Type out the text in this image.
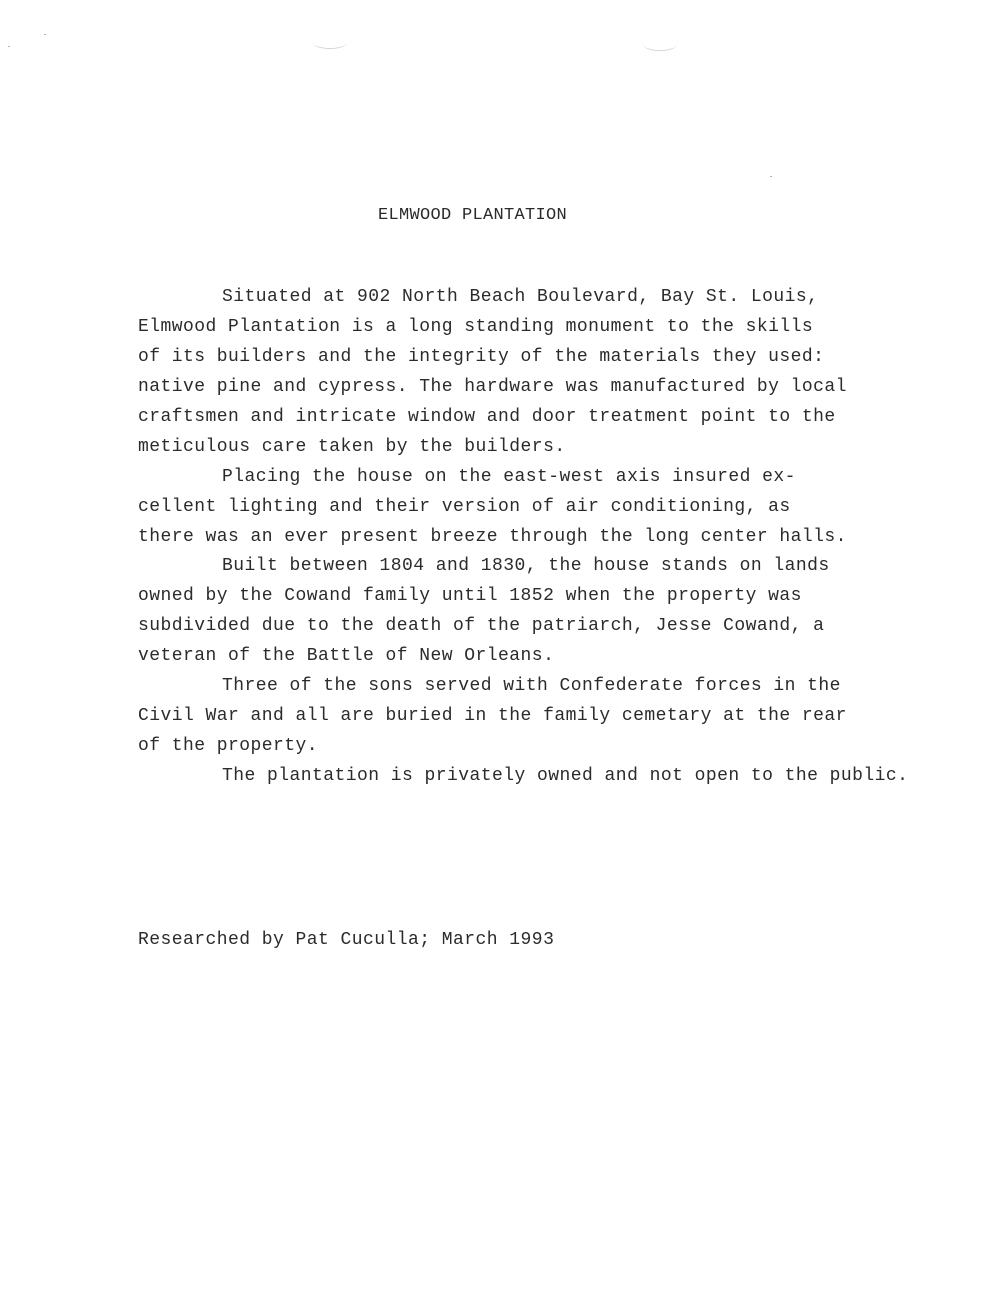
ELMWOOD PLANTATION
Situated at 902 North Beach Boulevard, Bay St. Louis,
Elmwood Plantation is a long standing monument to the skills
of its builders and the integrity of the materials they used:
native pine and cypress. The hardware was manufactured by local
craftsmen and intricate window and door treatment point to the
meticulous care taken by the builders.
Placing the house on the east-west axis insured ex-
cellent lighting and their version of air conditioning, as
there was an ever present breeze through the long center halls.
Built between 1804 and 1830, the house stands on lands
owned by the Cowand family until 1852 when the property was
subdivided due to the death of the patriarch, Jesse Cowand, a
veteran of the Battle of New Orleans.
Three of the sons served with Confederate forces in the
Civil War and all are buried in the family cemetary at the rear
of the property.
The plantation is privately owned and not open to the public.
Researched by Pat Cuculla; March 1993
